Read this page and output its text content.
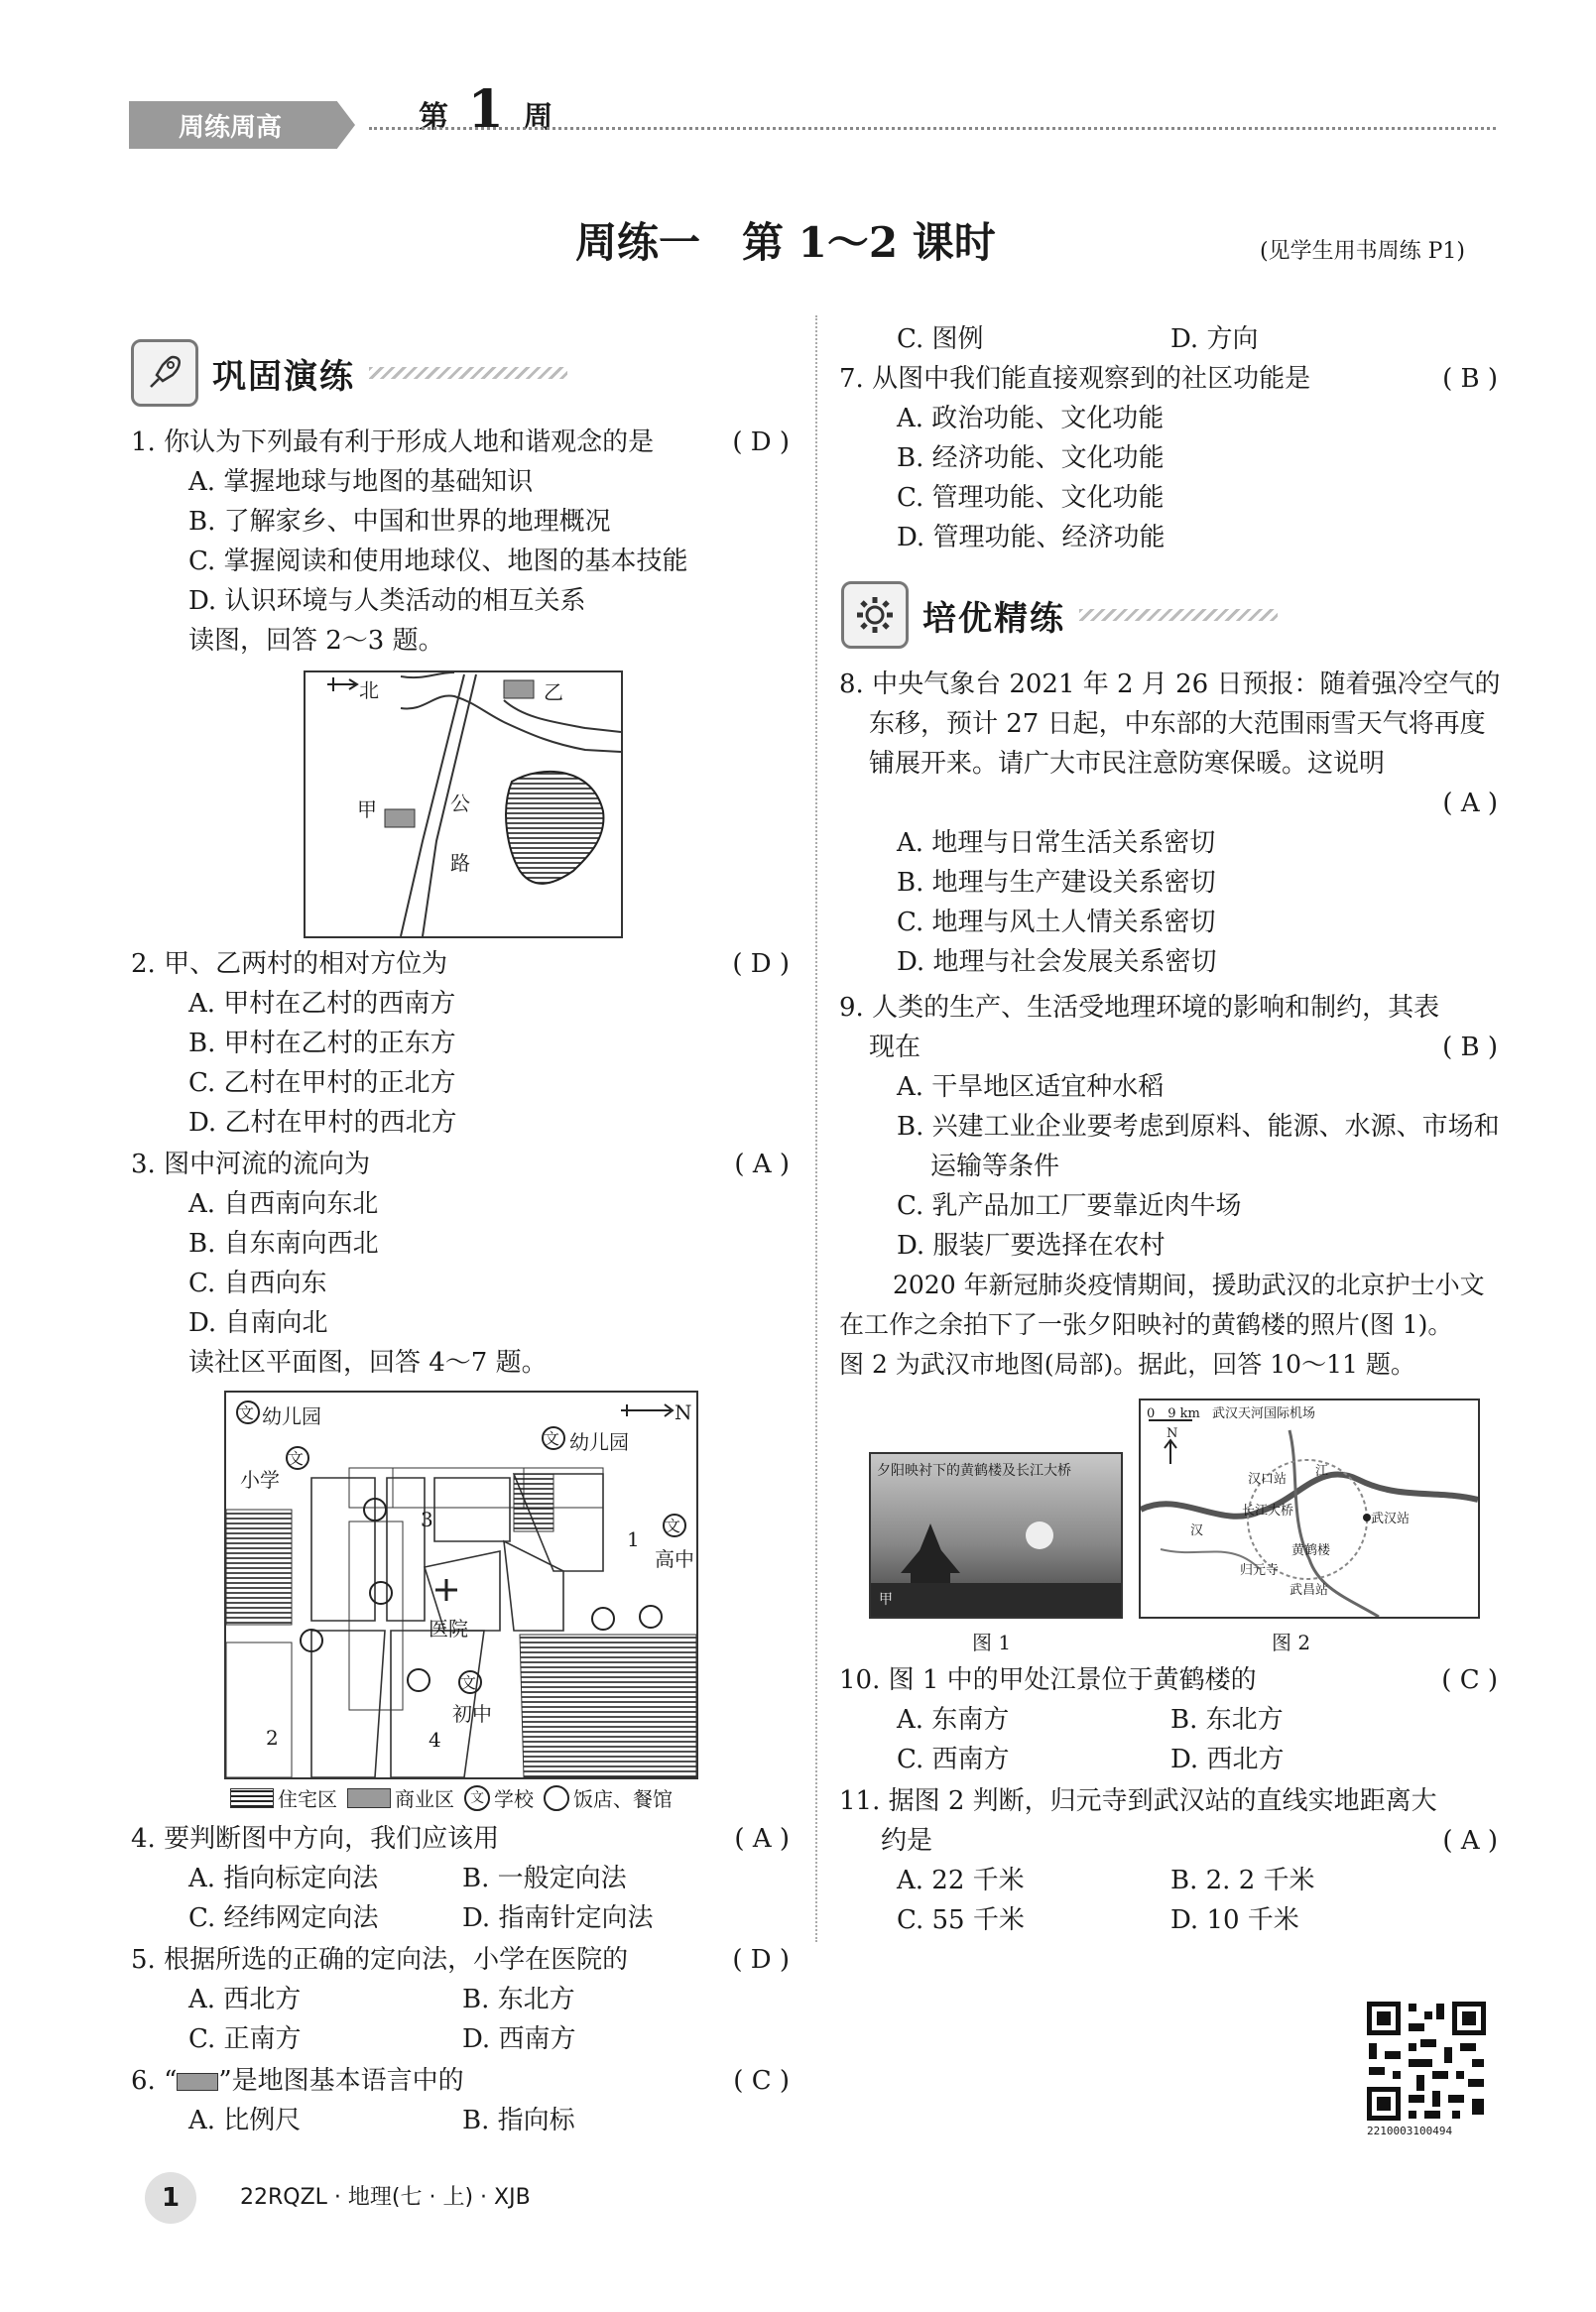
周练周高	第 1 周
周练一　第 1～2 课时	(见学生用书周练 P1)
巩固演练
1. 你认为下列最有利于形成人地和谐观念的是	( D )
A. 掌握地球与地图的基础知识
B. 了解家乡、中国和世界的地理概况
C. 掌握阅读和使用地球仪、地图的基本技能
D. 认识环境与人类活动的相互关系
读图，回答 2～3 题。
北	乙
甲	公
路
2. 甲、乙两村的相对方位为	( D )
A. 甲村在乙村的西南方
B. 甲村在乙村的正东方
C. 乙村在甲村的正北方
D. 乙村在甲村的西北方
3. 图中河流的流向为	( A )
A. 自西南向东北
B. 自东南向西北
C. 自西向东
D. 自南向北
读社区平面图，回答 4～7 题。
文
文
文
文
文
幼儿园
幼儿园
小学
高中
初中
医院
1
2
3
4
N
住宅区	商业区	文 学校 饭店、餐馆
4. 要判断图中方向，我们应该用	( A )
A. 指向标定向法	B. 一般定向法
C. 经纬网定向法	D. 指南针定向法
5. 根据所选的正确的定向法，小学在医院的	( D )
A. 西北方	B. 东北方
C. 正南方	D. 西南方
6. “ ”是地图基本语言中的	( C )
A. 比例尺	B. 指向标
1	22RQZL · 地理(七 · 上) · XJB
C. 图例	D. 方向
7. 从图中我们能直接观察到的社区功能是	( B )
A. 政治功能、文化功能
B. 经济功能、文化功能
C. 管理功能、文化功能
D. 管理功能、经济功能
培优精练
8. 中央气象台 2021 年 2 月 26 日预报：随着强冷空气的
东移，预计 27 日起，中东部的大范围雨雪天气将再度
铺展开来。请广大市民注意防寒保暖。这说明
( A )
A. 地理与日常生活关系密切
B. 地理与生产建设关系密切
C. 地理与风土人情关系密切
D. 地理与社会发展关系密切
9. 人类的生产、生活受地理环境的影响和制约，其表
现在	( B )
A. 干旱地区适宜种水稻
B. 兴建工业企业要考虑到原料、能源、水源、市场和
运输等条件
C. 乳产品加工厂要靠近肉牛场
D. 服装厂要选择在农村
2020 年新冠肺炎疫情期间，援助武汉的北京护士小文
在工作之余拍下了一张夕阳映衬的黄鹤楼的照片(图 1)。
图 2 为武汉市地图(局部)。据此，回答 10～11 题。
夕阳映衬下的黄鹤楼及长江大桥
甲
图 1
0　9 km 武汉天河国际机场
N
汉口站
武汉站
长江大桥
黄鹤楼
归元寺
武昌站
汉
江
图 2
10. 图 1 中的甲处江景位于黄鹤楼的	( C )
A. 东南方	B. 东北方
C. 西南方	D. 西北方
11. 据图 2 判断，归元寺到武汉站的直线实地距离大
约是	( A )
A. 22 千米	B. 2. 2 千米
C. 55 千米	D. 10 千米
2210003100494
